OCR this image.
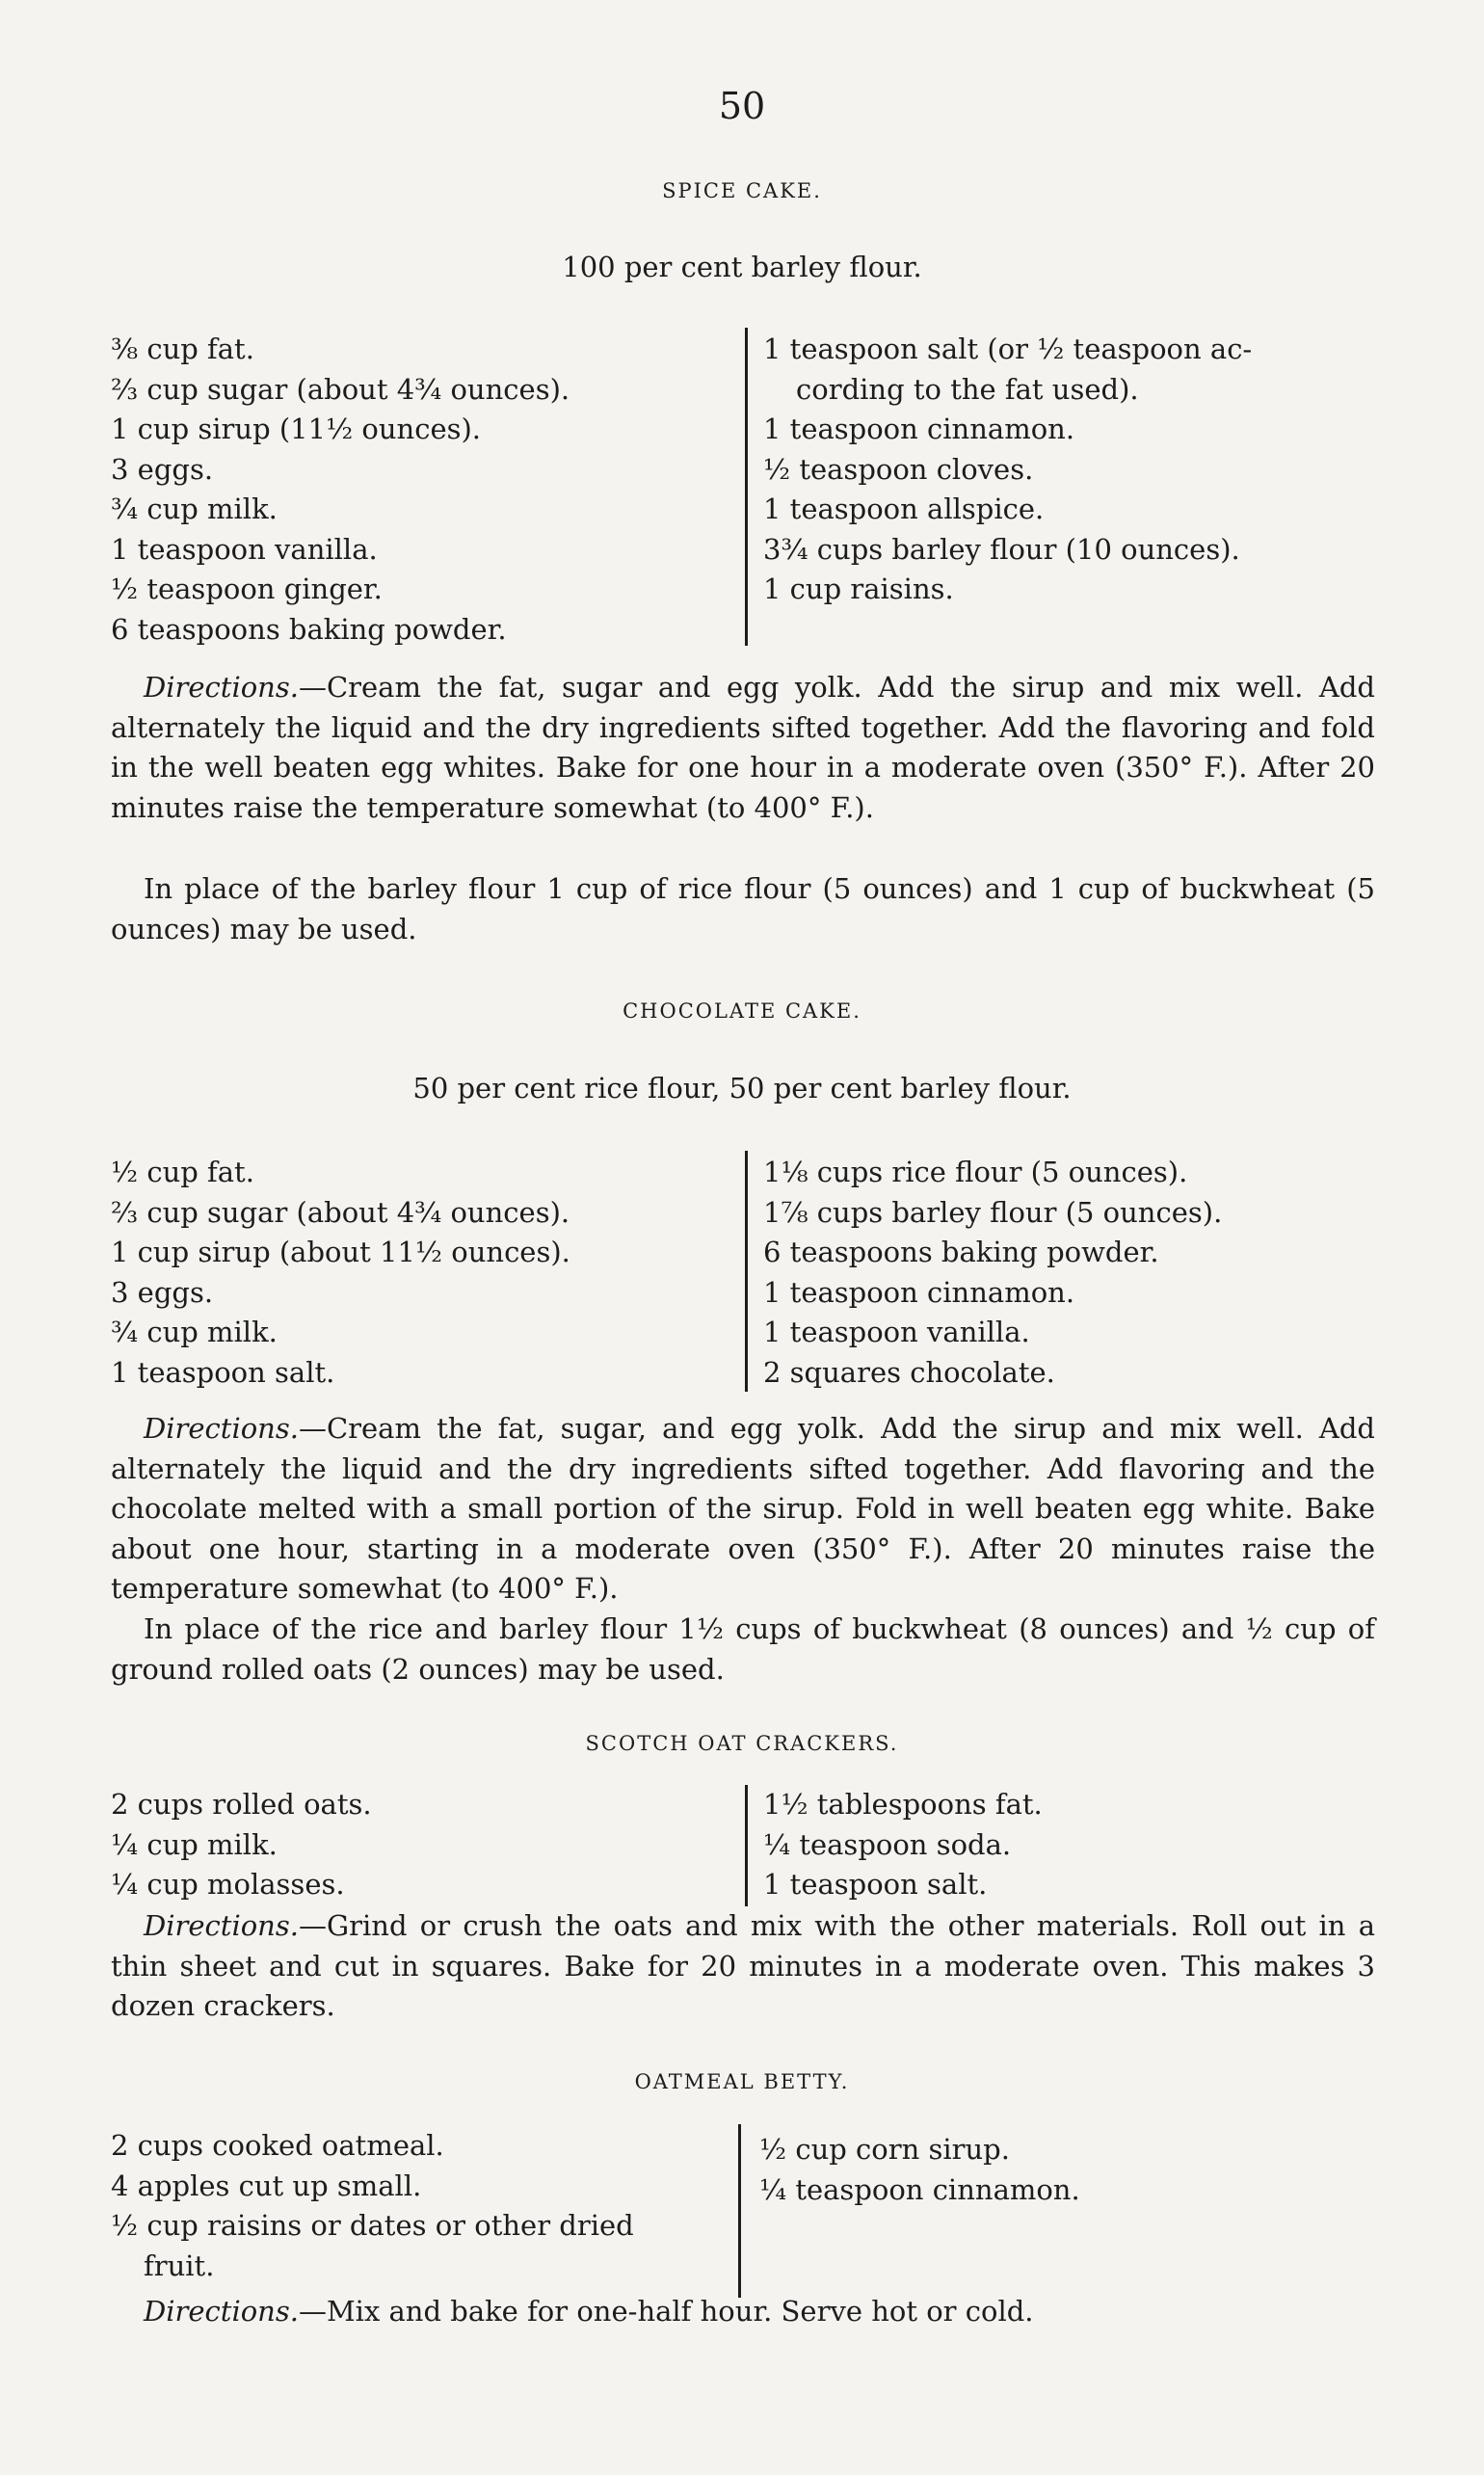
50
SPICE CAKE.
100 per cent barley flour.
⅜ cup fat.
⅔ cup sugar (about 4¾ ounces).
1 cup sirup (11½ ounces).
3 eggs.
¾ cup milk.
1 teaspoon vanilla.
½ teaspoon ginger.
6 teaspoons baking powder.
1 teaspoon salt (or ½ teaspoon ac-
cording to the fat used).
1 teaspoon cinnamon.
½ teaspoon cloves.
1 teaspoon allspice.
3¾ cups barley flour (10 ounces).
1 cup raisins.

Directions.—Cream the fat, sugar and egg yolk. Add the sirup and mix well. Add alternately the liquid and the dry ingredients sifted together. Add the flavoring and fold in the well beaten egg whites. Bake for one hour in a moderate oven (350° F.). After 20 minutes raise the temperature somewhat (to 400° F.).

In place of the barley flour 1 cup of rice flour (5 ounces) and 1 cup of buckwheat (5 ounces) may be used.

CHOCOLATE CAKE.
50 per cent rice flour, 50 per cent barley flour.
½ cup fat.
⅔ cup sugar (about 4¾ ounces).
1 cup sirup (about 11½ ounces).
3 eggs.
¾ cup milk.
1 teaspoon salt.
1⅛ cups rice flour (5 ounces).
1⅞ cups barley flour (5 ounces).
6 teaspoons baking powder.
1 teaspoon cinnamon.
1 teaspoon vanilla.
2 squares chocolate.

Directions.—Cream the fat, sugar, and egg yolk. Add the sirup and mix well. Add alternately the liquid and the dry ingredients sifted together. Add flavoring and the chocolate melted with a small portion of the sirup. Fold in well beaten egg white. Bake about one hour, starting in a moderate oven (350° F.). After 20 minutes raise the temperature somewhat (to 400° F.).

In place of the rice and barley flour 1½ cups of buckwheat (8 ounces) and ½ cup of ground rolled oats (2 ounces) may be used.

SCOTCH OAT CRACKERS.
2 cups rolled oats.
¼ cup milk.
¼ cup molasses.
1½ tablespoons fat.
¼ teaspoon soda.
1 teaspoon salt.

Directions.—Grind or crush the oats and mix with the other materials. Roll out in a thin sheet and cut in squares. Bake for 20 minutes in a moderate oven. This makes 3 dozen crackers.

OATMEAL BETTY.
2 cups cooked oatmeal.
4 apples cut up small.
½ cup raisins or dates or other dried
fruit.
½ cup corn sirup.
¼ teaspoon cinnamon.

Directions.—Mix and bake for one-half hour. Serve hot or cold.
